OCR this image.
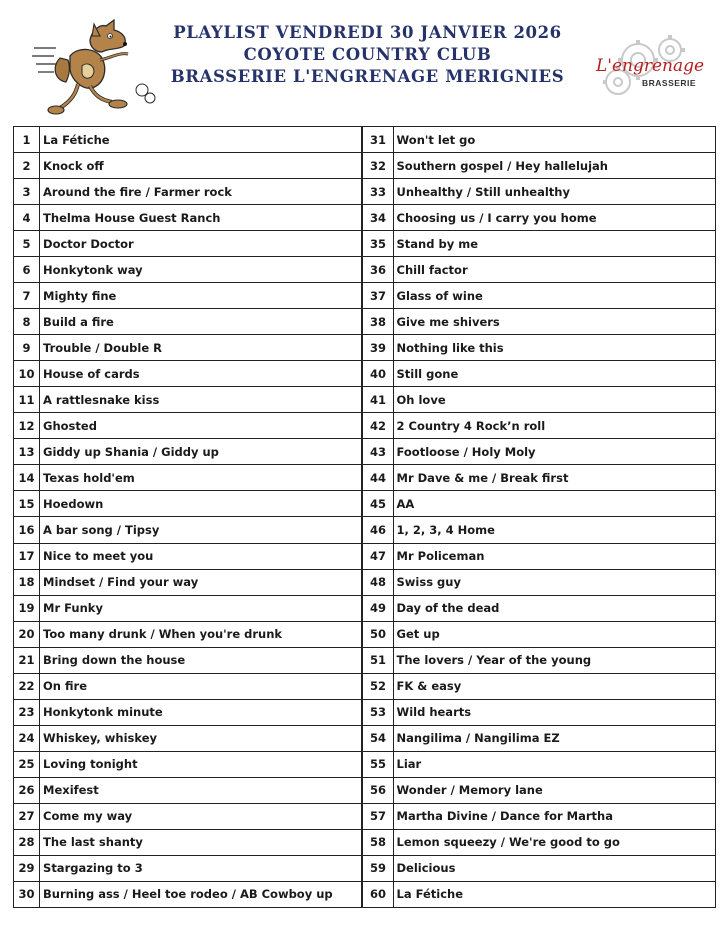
PLAYLIST VENDREDI 30 JANVIER 2026
COYOTE COUNTRY CLUB
BRASSERIE L'ENGRENAGE MERIGNIES
L'engrenage
BRASSERIE
1	La Fétiche	31	Won't let go
2	Knock off	32	Southern gospel / Hey hallelujah
3	Around the fire / Farmer rock	33	Unhealthy / Still unhealthy
4	Thelma House Guest Ranch	34	Choosing us / I carry you home
5	Doctor Doctor	35	Stand by me
6	Honkytonk way	36	Chill factor
7	Mighty fine	37	Glass of wine
8	Build a fire	38	Give me shivers
9	Trouble / Double R	39	Nothing like this
10	House of cards	40	Still gone
11	A rattlesnake kiss	41	Oh love
12	Ghosted	42	2 Country 4 Rock’n roll
13	Giddy up Shania / Giddy up	43	Footloose / Holy Moly
14	Texas hold'em	44	Mr Dave & me / Break first
15	Hoedown	45	AA
16	A bar song / Tipsy	46	1, 2, 3, 4 Home
17	Nice to meet you	47	Mr Policeman
18	Mindset / Find your way	48	Swiss guy
19	Mr Funky	49	Day of the dead
20	Too many drunk / When you're drunk	50	Get up
21	Bring down the house	51	The lovers / Year of the young
22	On fire	52	FK & easy
23	Honkytonk minute	53	Wild hearts
24	Whiskey, whiskey	54	Nangilima / Nangilima EZ
25	Loving tonight	55	Liar
26	Mexifest	56	Wonder / Memory lane
27	Come my way	57	Martha Divine / Dance for Martha
28	The last shanty	58	Lemon squeezy / We're good to go
29	Stargazing to 3	59	Delicious
30	Burning ass / Heel toe rodeo / AB Cowboy up	60	La Fétiche
